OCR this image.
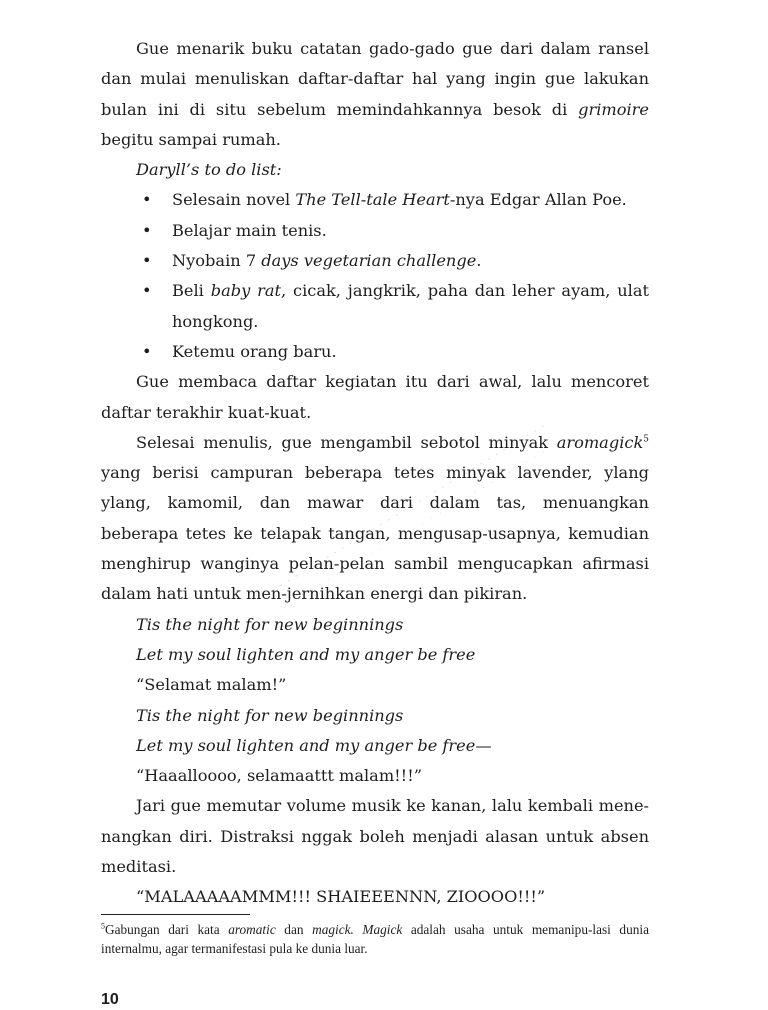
Gue menarik buku catatan gado-gado gue dari dalam ransel dan mulai menuliskan daftar-daftar hal yang ingin gue lakukan bulan ini di situ sebelum memindahkannya besok di grimoire begitu sampai rumah.

Daryll’s to do list:

• Selesain novel The Tell-tale Heart-nya Edgar Allan Poe.
• Belajar main tenis.
• Nyobain 7 days vegetarian challenge.
• Beli baby rat, cicak, jangkrik, paha dan leher ayam, ulat hongkong.
• Ketemu orang baru.

Gue membaca daftar kegiatan itu dari awal, lalu mencoret daftar terakhir kuat-kuat.

Selesai menulis, gue mengambil sebotol minyak aromagick$^5$ yang berisi campuran beberapa tetes minyak lavender, ylang ylang, kamomil, dan mawar dari dalam tas, menuangkan beberapa tetes ke telapak tangan, mengusap-usapnya, kemudian menghirup wanginya pelan-pelan sambil mengucapkan afirmasi dalam hati untuk men-jernihkan energi dan pikiran.

Tis the night for new beginnings

Let my soul lighten and my anger be free

“Selamat malam!”

Tis the night for new beginnings

Let my soul lighten and my anger be free—

“Haaalloooo, selamaattt malam!!!”

Jari gue memutar volume musik ke kanan, lalu kembali mene-nangkan diri. Distraksi nggak boleh menjadi alasan untuk absen meditasi.

“MALAAAAAMMM!!! SHAIEEENNN, ZIOOOO!!!”

$^5$Gabungan dari kata aromatic dan magick. Magick adalah usaha untuk memanipu-lasi dunia internalmu, agar termanifestasi pula ke dunia luar.

10
